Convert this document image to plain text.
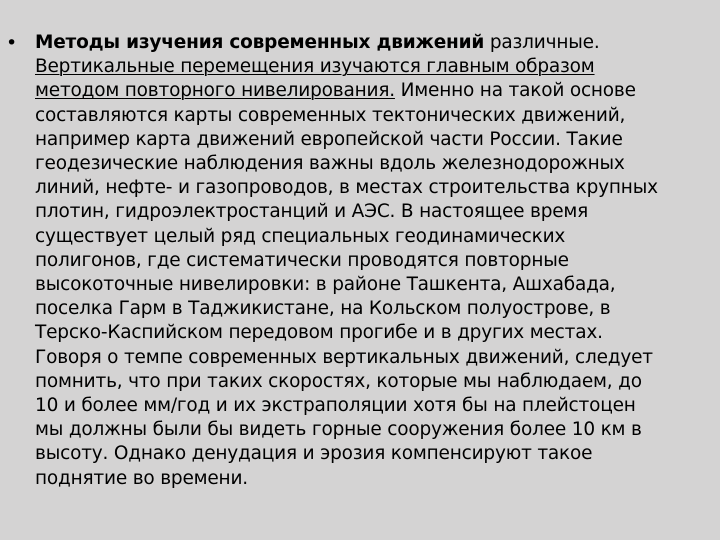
• Методы изучения современных движений различные.
Вертикальные перемещения изучаются главным образом
методом повторного нивелирования. Именно на такой основе
составляются карты современных тектонических движений,
например карта движений европейской части России. Такие
геодезические наблюдения важны вдоль железнодорожных
линий, нефте- и газопроводов, в местах строительства крупных
плотин, гидроэлектростанций и АЭС. В настоящее время
существует целый ряд специальных геодинамических
полигонов, где систематически проводятся повторные
высокоточные нивелировки: в районе Ташкента, Ашхабада,
поселка Гарм в Таджикистане, на Кольском полуострове, в
Терско-Каспийском передовом прогибе и в других местах.
Говоря о темпе современных вертикальных движений, следует
помнить, что при таких скоростях, которые мы наблюдаем, до
10 и более мм/год и их экстраполяции хотя бы на плейстоцен
мы должны были бы видеть горные сооружения более 10 км в
высоту. Однако денудация и эрозия компенсируют такое
поднятие во времени.
